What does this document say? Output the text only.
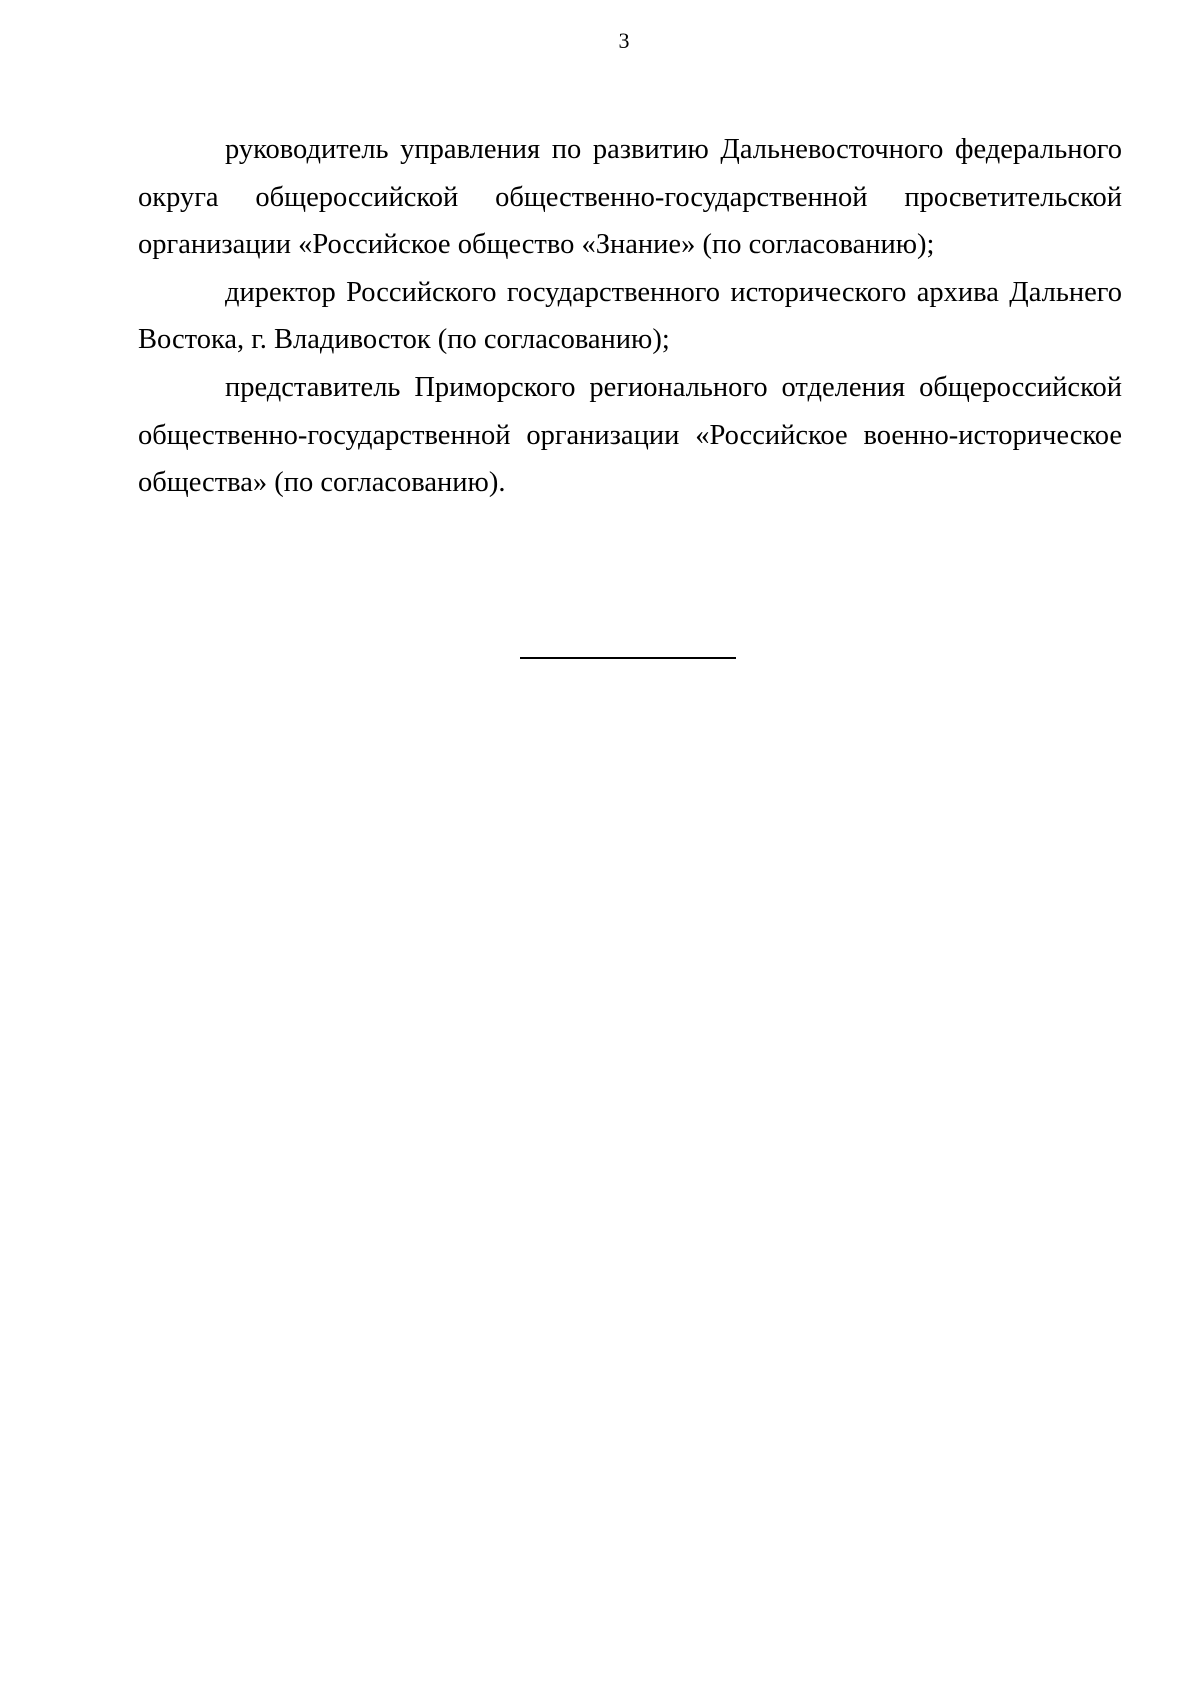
3

руководитель управления по развитию Дальневосточного федерального округа общероссийской общественно-государственной просветительской организации «Российское общество «Знание» (по согласованию);

директор Российского государственного исторического архива Дальнего Востока, г. Владивосток (по согласованию);

представитель Приморского регионального отделения общероссийской общественно-государственной организации «Российское военно-историческое общества» (по согласованию).
